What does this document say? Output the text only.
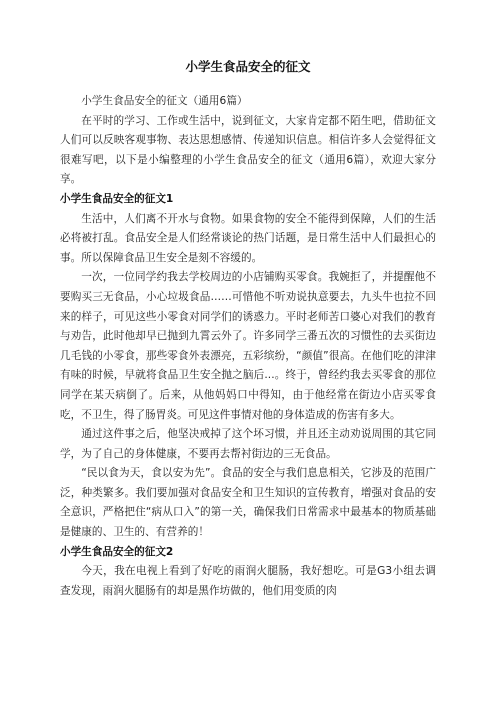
小学生食品安全的征文

小学生食品安全的征文（通用6篇）

在平时的学习、工作或生活中，说到征文，大家肯定都不陌生吧，借助征文人们可以反映客观事物、表达思想感情、传递知识信息。相信许多人会觉得征文很难写吧，以下是小编整理的小学生食品安全的征文（通用6篇），欢迎大家分享。

小学生食品安全的征文1

生活中，人们离不开水与食物。如果食物的安全不能得到保障，人们的生活必将被打乱。食品安全是人们经常谈论的热门话题，是日常生活中人们最担心的事。所以保障食品卫生安全是刻不容缓的。

一次，一位同学约我去学校周边的小店铺购买零食。我婉拒了，并提醒他不要购买三无食品，小心垃圾食品……可惜他不听劝说执意要去，九头牛也拉不回来的样子，可见这些小零食对同学们的诱惑力。平时老师苦口婆心对我们的教育与劝告，此时他却早已抛到九霄云外了。许多同学三番五次的习惯性的去买街边几毛钱的小零食，那些零食外表漂亮，五彩缤纷，“颜值”很高。在他们吃的津津有味的时候，早就将食品卫生安全抛之脑后...。终于，曾经约我去买零食的那位同学在某天病倒了。后来，从他妈妈口中得知，由于他经常在街边小店买零食吃，不卫生，得了肠胃炎。可见这件事情对他的身体造成的伤害有多大。

通过这件事之后，他坚决戒掉了这个坏习惯，并且还主动劝说周围的其它同学，为了自己的身体健康，不要再去帮衬街边的三无食品。

“民以食为天，食以安为先”。食品的安全与我们息息相关，它涉及的范围广泛，种类繁多。我们要加强对食品安全和卫生知识的宣传教育，增强对食品的安全意识，严格把住“病从口入”的第一关，确保我们日常需求中最基本的物质基础是健康的、卫生的、有营养的！

小学生食品安全的征文2

今天，我在电视上看到了好吃的雨润火腿肠，我好想吃。可是G3小组去调查发现，雨润火腿肠有的却是黑作坊做的，他们用变质的肉
